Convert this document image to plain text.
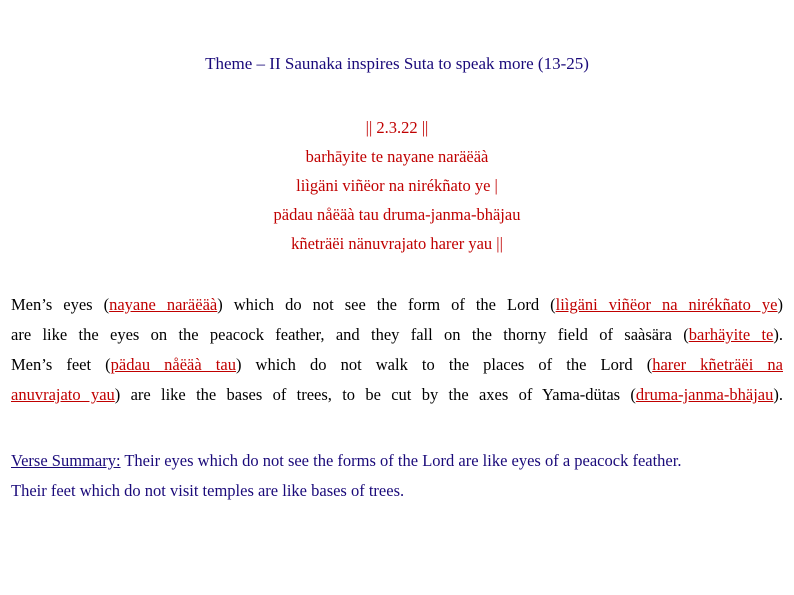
Theme – II Saunaka inspires Suta to speak more (13-25)
|| 2.3.22 ||
barhāyite te nayane naräëäà
liìgäni viñëor na nirékñato ye |
pädau nåëäà tau druma-janma-bhäjau
kñeträëi nänuvrajato harer yau ||
Men’s eyes (nayane naräëäà) which do not see the form of the Lord (liìgäni viñëor na nirékñato ye)
are like the eyes on the peacock feather, and they fall on the thorny field of saàsära (barhäyite te).
Men’s feet (pädau nåëäà tau) which do not walk to the places of the Lord (harer kñeträëi na
anuvrajato yau) are like the bases of trees, to be cut by the axes of Yama-dütas (druma-janma-bhäjau).
Verse Summary: Their eyes which do not see the forms of the Lord are like eyes of a peacock feather.
Their feet which do not visit temples are like bases of trees.
